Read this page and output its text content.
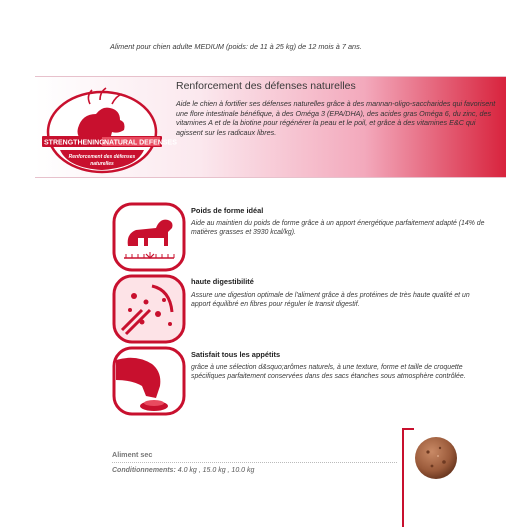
Aliment pour chien adulte MEDIUM (poids: de 11 à 25 kg) de 12 mois à 7 ans.
STRENGTHENING NATURAL DEFENSES
Renforcement des défenses
naturelles
Renforcement des défenses naturelles
Aide le chien à fortifier ses défenses naturelles grâce à des mannan-oligo-saccharides qui favorisent une flore intestinale bénéfique, à des Oméga 3 (EPA/DHA), des acides gras Oméga 6, du zinc, des vitamines A et de la biotine pour régénérer la peau et le poil, et grâce à des vitamines E&C qui agissent sur les radicaux libres.
Poids de forme idéal
Aide au maintien du poids de forme grâce à un apport énergétique parfaitement adapté (14% de matières grasses et 3930 kcal/kg).
haute digestibilité
Assure une digestion optimale de l'aliment grâce à des protéines de très haute qualité et un apport équilibré en fibres pour réguler le transit digestif.
Satisfait tous les appétits
grâce à une sélection d&squo;arômes naturels, à une texture, forme et taille de croquette spécifiques parfaitement conservées dans des sacs étanches sous atmosphère contrôlée.
Aliment sec
Conditionnements: 4.0 kg , 15.0 kg , 10.0 kg
